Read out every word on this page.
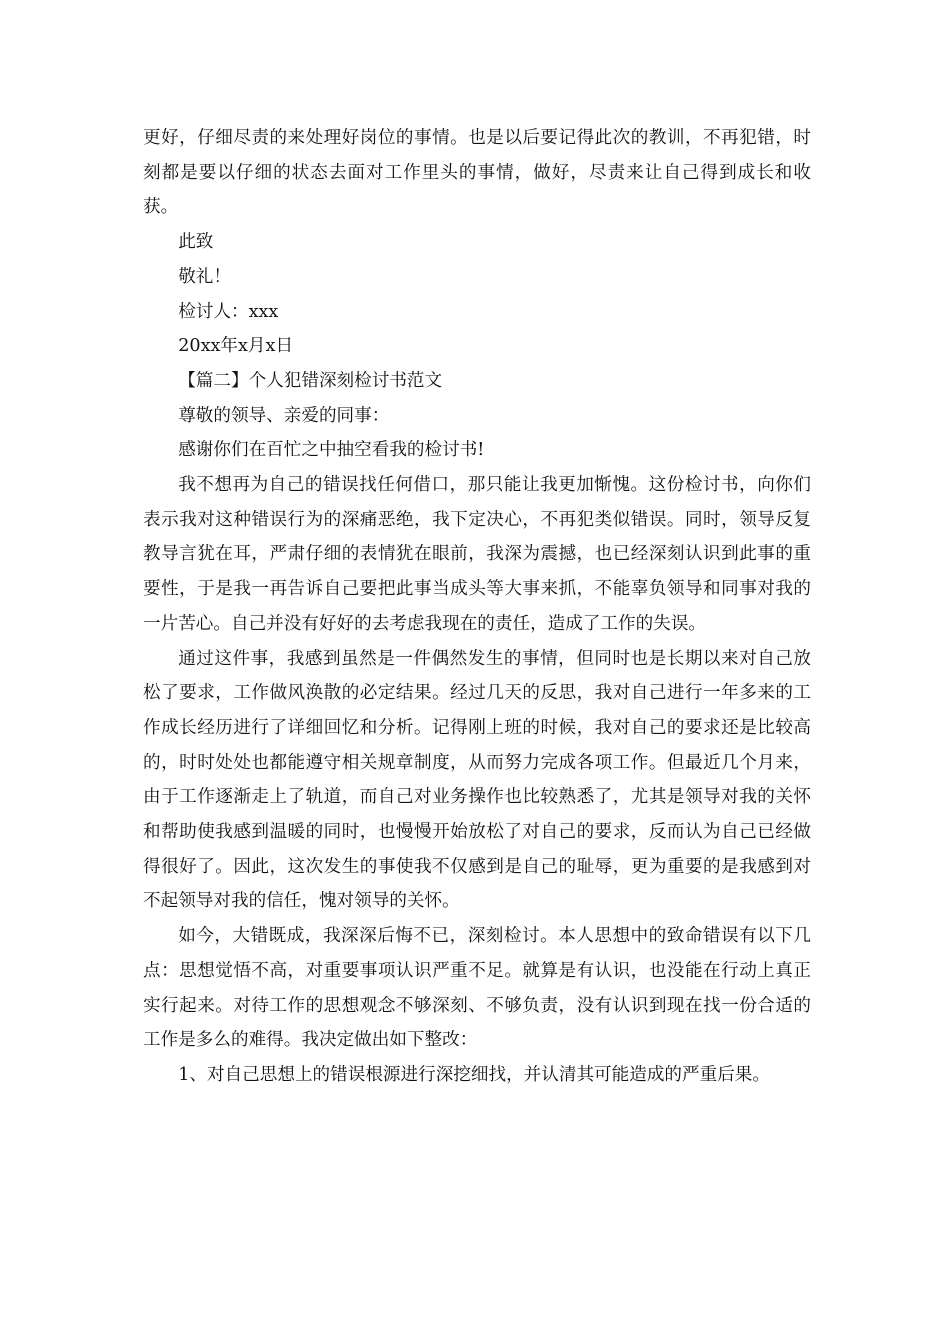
更好，仔细尽责的来处理好岗位的事情。也是以后要记得此次的教训，不再犯错，时刻都是要以仔细的状态去面对工作里头的事情，做好，尽责来让自己得到成长和收获。

此致

敬礼！

检讨人：xxx

20xx年x月x日

【篇二】个人犯错深刻检讨书范文

尊敬的领导、亲爱的同事：

感谢你们在百忙之中抽空看我的检讨书!

我不想再为自己的错误找任何借口，那只能让我更加惭愧。这份检讨书，向你们表示我对这种错误行为的深痛恶绝，我下定决心，不再犯类似错误。同时，领导反复教导言犹在耳，严肃仔细的表情犹在眼前，我深为震撼，也已经深刻认识到此事的重要性，于是我一再告诉自己要把此事当成头等大事来抓，不能辜负领导和同事对我的一片苦心。自己并没有好好的去考虑我现在的责任，造成了工作的失误。

通过这件事，我感到虽然是一件偶然发生的事情，但同时也是长期以来对自己放松了要求，工作做风涣散的必定结果。经过几天的反思，我对自己进行一年多来的工作成长经历进行了详细回忆和分析。记得刚上班的时候，我对自己的要求还是比较高的，时时处处也都能遵守相关规章制度，从而努力完成各项工作。但最近几个月来，由于工作逐渐走上了轨道，而自己对业务操作也比较熟悉了，尤其是领导对我的关怀和帮助使我感到温暖的同时，也慢慢开始放松了对自己的要求，反而认为自己已经做得很好了。因此，这次发生的事使我不仅感到是自己的耻辱，更为重要的是我感到对不起领导对我的信任，愧对领导的关怀。

如今，大错既成，我深深后悔不已，深刻检讨。本人思想中的致命错误有以下几点：思想觉悟不高，对重要事项认识严重不足。就算是有认识，也没能在行动上真正实行起来。对待工作的思想观念不够深刻、不够负责，没有认识到现在找一份合适的工作是多么的难得。我决定做出如下整改：

1、对自己思想上的错误根源进行深挖细找，并认清其可能造成的严重后果。
